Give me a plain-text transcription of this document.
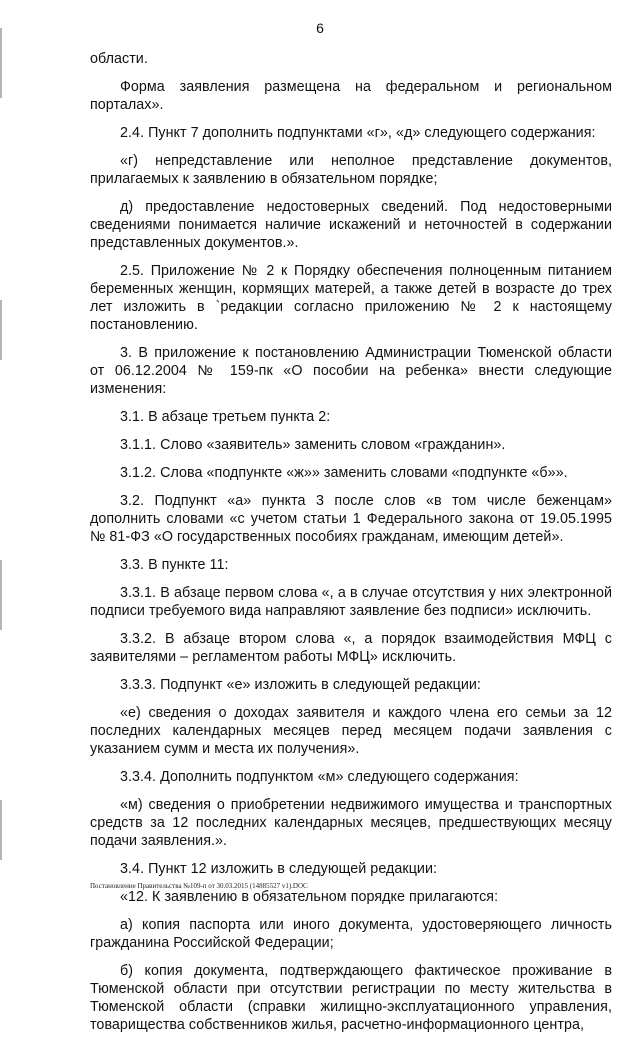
6

области.

Форма заявления размещена на федеральном и региональном порталах».

2.4. Пункт 7 дополнить подпунктами «г», «д» следующего содержания:

«г) непредставление или неполное представление документов, прилагаемых к заявлению в обязательном порядке;

д) предоставление недостоверных сведений. Под недостоверными сведениями понимается наличие искажений и неточностей в содержании представленных документов.».

2.5. Приложение № 2 к Порядку обеспечения полноценным питанием беременных женщин, кормящих матерей, а также детей в возрасте до трех лет изложить в `редакции согласно приложению № 2 к настоящему постановлению.

3. В приложение к постановлению Администрации Тюменской области от 06.12.2004 № 159-пк «О пособии на ребенка» внести следующие изменения:

3.1. В абзаце третьем пункта 2:

3.1.1. Слово «заявитель» заменить словом «гражданин».

3.1.2. Слова «подпункте «ж»» заменить словами «подпункте «б»».

3.2. Подпункт «а» пункта 3 после слов «в том числе беженцам» дополнить словами «с учетом статьи 1 Федерального закона от 19.05.1995 № 81-ФЗ «О государственных пособиях гражданам, имеющим детей».

3.3. В пункте 11:

3.3.1. В абзаце первом слова «, а в случае отсутствия у них электронной подписи требуемого вида направляют заявление без подписи» исключить.

3.3.2. В абзаце втором слова «, а порядок взаимодействия МФЦ с заявителями – регламентом работы МФЦ» исключить.

3.3.3. Подпункт «е» изложить в следующей редакции:

«е) сведения о доходах заявителя и каждого члена его семьи за 12 последних календарных месяцев перед месяцем подачи заявления с указанием сумм и места их получения».

3.3.4. Дополнить подпунктом «м» следующего содержания:

«м) сведения о приобретении недвижимого имущества и транспортных средств за 12 последних календарных месяцев, предшествующих месяцу подачи заявления.».

3.4. Пункт 12 изложить в следующей редакции:

«12. К заявлению в обязательном порядке прилагаются:

а) копия паспорта или иного документа, удостоверяющего личность гражданина Российской Федерации;

б) копия документа, подтверждающего фактическое проживание в Тюменской области при отсутствии регистрации по месту жительства в Тюменской области (справки жилищно-эксплуатационного управления, товарищества собственников жилья, расчетно-информационного центра,

Постановление Правительства №109-п от 30.03.2015 (14885527 v1).DOC
